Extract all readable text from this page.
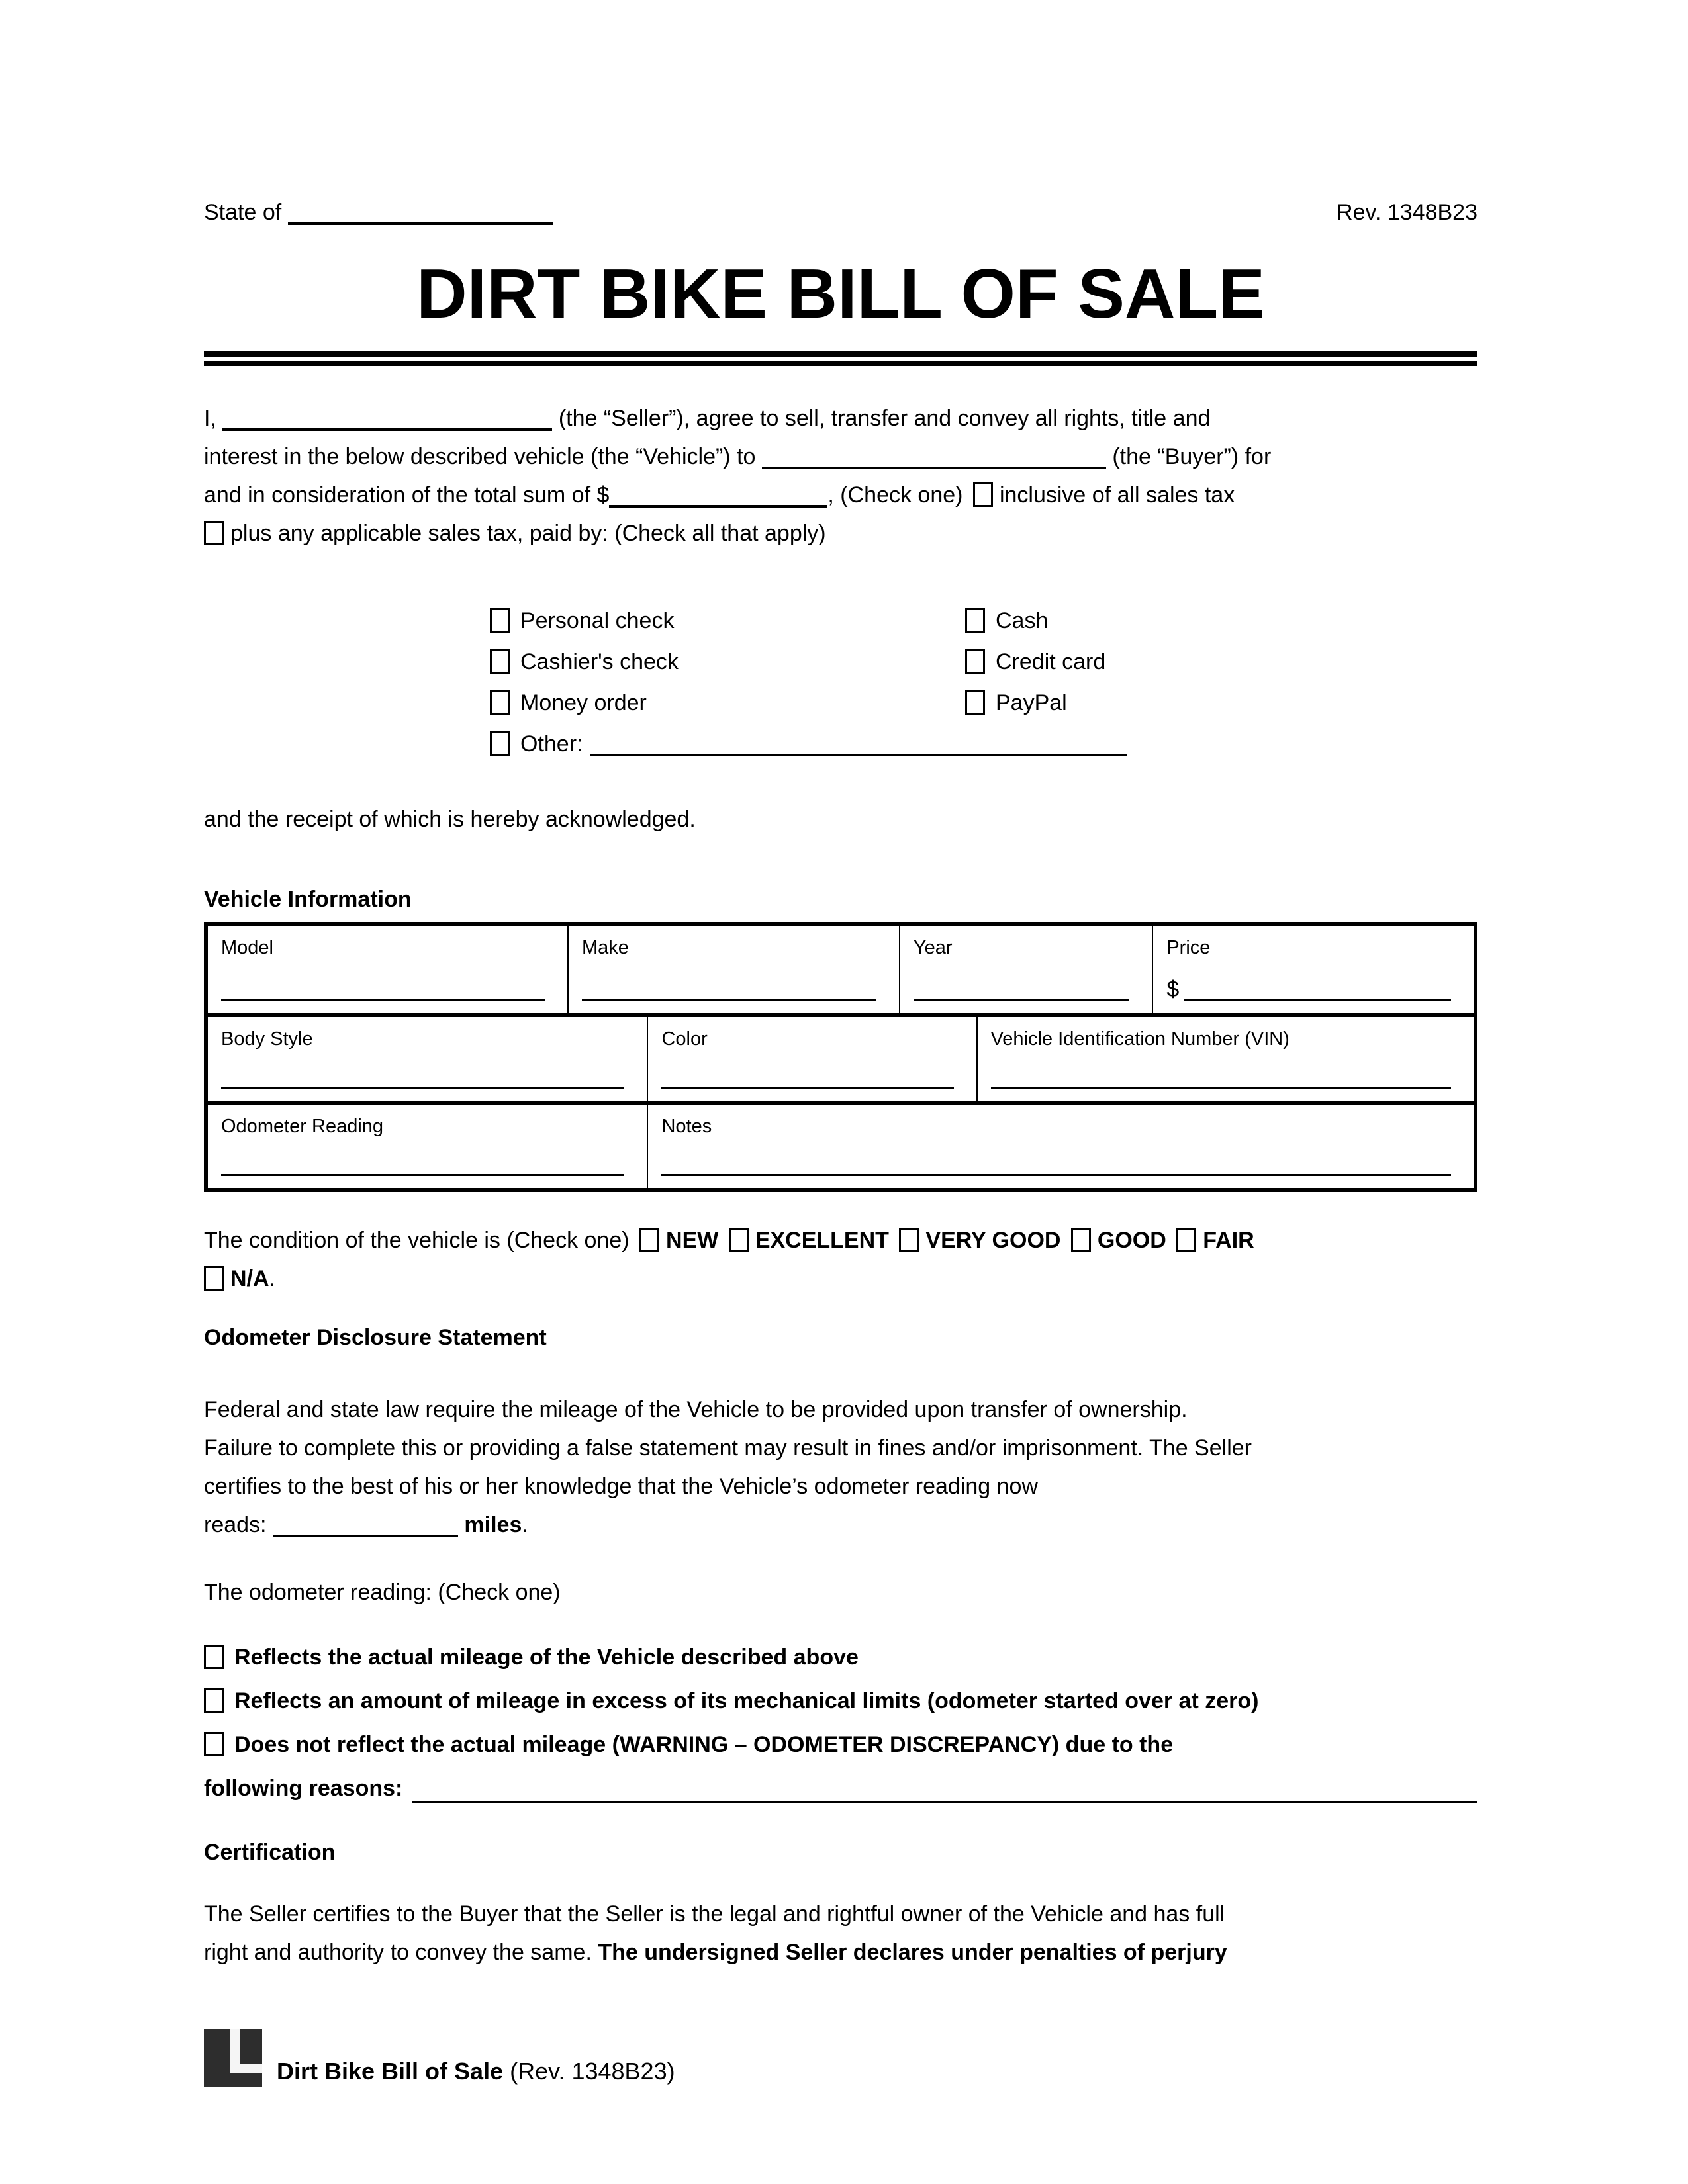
State of	Rev. 1348B23
DIRT BIKE BILL OF SALE
I,	(the “Seller”), agree to sell, transfer and convey all rights, title and
interest in the below described vehicle (the “Vehicle”) to	(the “Buyer”) for
and in consideration of the total sum of $	, (Check one) inclusive of all sales tax
plus any applicable sales tax, paid by: (Check all that apply)
Personal check	Cash
Cashier's check	Credit card
Money order	PayPal
Other:
and the receipt of which is hereby acknowledged.
Vehicle Information
Model	Make	Year	Price
$
Body Style	Color	Vehicle Identification Number (VIN)
Odometer Reading	Notes
The condition of the vehicle is (Check one) NEW EXCELLENT VERY GOOD GOOD FAIR
N/A.
Odometer Disclosure Statement
Federal and state law require the mileage of the Vehicle to be provided upon transfer of ownership.
Failure to complete this or providing a false statement may result in fines and/or imprisonment. The Seller
certifies to the best of his or her knowledge that the Vehicle’s odometer reading now
reads:	miles.
The odometer reading: (Check one)
Reflects the actual mileage of the Vehicle described above
Reflects an amount of mileage in excess of its mechanical limits (odometer started over at zero)
Does not reflect the actual mileage (WARNING – ODOMETER DISCREPANCY) due to the
following reasons:
Certification
The Seller certifies to the Buyer that the Seller is the legal and rightful owner of the Vehicle and has full
right and authority to convey the same. The undersigned Seller declares under penalties of perjury
Dirt Bike Bill of Sale (Rev. 1348B23)
